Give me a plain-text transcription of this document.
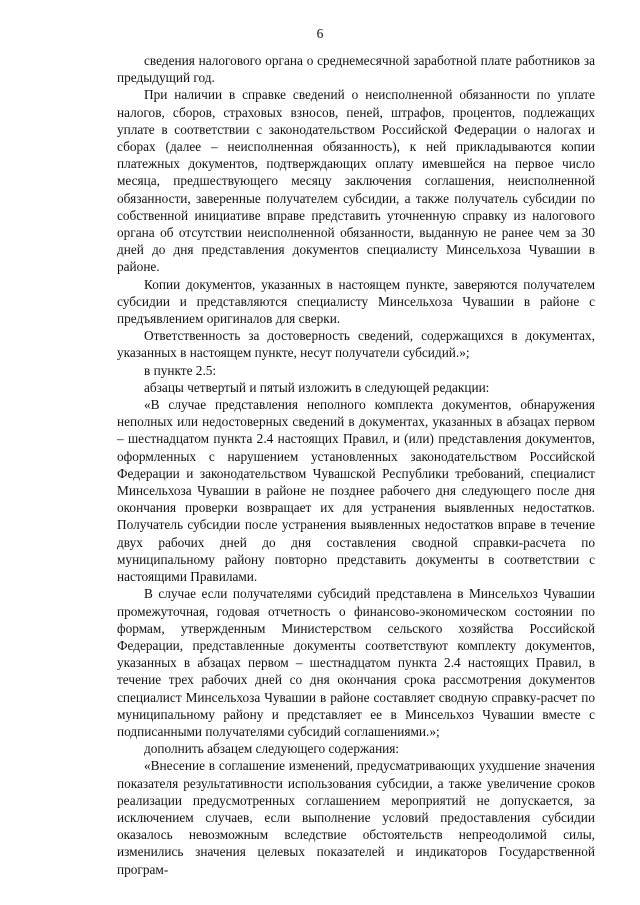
6

сведения налогового органа о среднемесячной заработной плате работников за предыдущий год.

При наличии в справке сведений о неисполненной обязанности по уплате налогов, сборов, страховых взносов, пеней, штрафов, процентов, подлежащих уплате в соответствии с законодательством Российской Федерации о налогах и сборах (далее – неисполненная обязанность), к ней прикладываются копии платежных документов, подтверждающих оплату имевшейся на первое число месяца, предшествующего месяцу заключения соглашения, неисполненной обязанности, заверенные получателем субсидии, а также получатель субсидии по собственной инициативе вправе представить уточненную справку из налогового органа об отсутствии неисполненной обязанности, выданную не ранее чем за 30 дней до дня представления документов специалисту Минсельхоза Чувашии в районе.

Копии документов, указанных в настоящем пункте, заверяются получателем субсидии и представляются специалисту Минсельхоза Чувашии в районе с предъявлением оригиналов для сверки.

Ответственность за достоверность сведений, содержащихся в документах, указанных в настоящем пункте, несут получатели субсидий.»;

в пункте 2.5:

абзацы четвертый и пятый изложить в следующей редакции:

«В случае представления неполного комплекта документов, обнаружения неполных или недостоверных сведений в документах, указанных в абзацах первом – шестнадцатом пункта 2.4 настоящих Правил, и (или) представления документов, оформленных с нарушением установленных законодательством Российской Федерации и законодательством Чувашской Республики требований, специалист Минсельхоза Чувашии в районе не позднее рабочего дня следующего после дня окончания проверки возвращает их для устранения выявленных недостатков. Получатель субсидии после устранения выявленных недостатков вправе в течение двух рабочих дней до дня составления сводной справки-расчета по муниципальному району повторно представить документы в соответствии с настоящими Правилами.

В случае если получателями субсидий представлена в Минсельхоз Чувашии промежуточная, годовая отчетность о финансово-экономическом состоянии по формам, утвержденным Министерством сельского хозяйства Российской Федерации, представленные документы соответствуют комплекту документов, указанных в абзацах первом – шестнадцатом пункта 2.4 настоящих Правил, в течение трех рабочих дней со дня окончания срока рассмотрения документов специалист Минсельхоза Чувашии в районе составляет сводную справку-расчет по муниципальному району и представляет ее в Минсельхоз Чувашии вместе с подписанными получателями субсидий соглашениями.»;

дополнить абзацем следующего содержания:

«Внесение в соглашение изменений, предусматривающих ухудшение значения показателя результативности использования субсидии, а также увеличение сроков реализации предусмотренных соглашением мероприятий не допускается, за исключением случаев, если выполнение условий предоставления субсидии оказалось невозможным вследствие обстоятельств непреодолимой силы, изменились значения целевых показателей и индикаторов Государственной програм-
